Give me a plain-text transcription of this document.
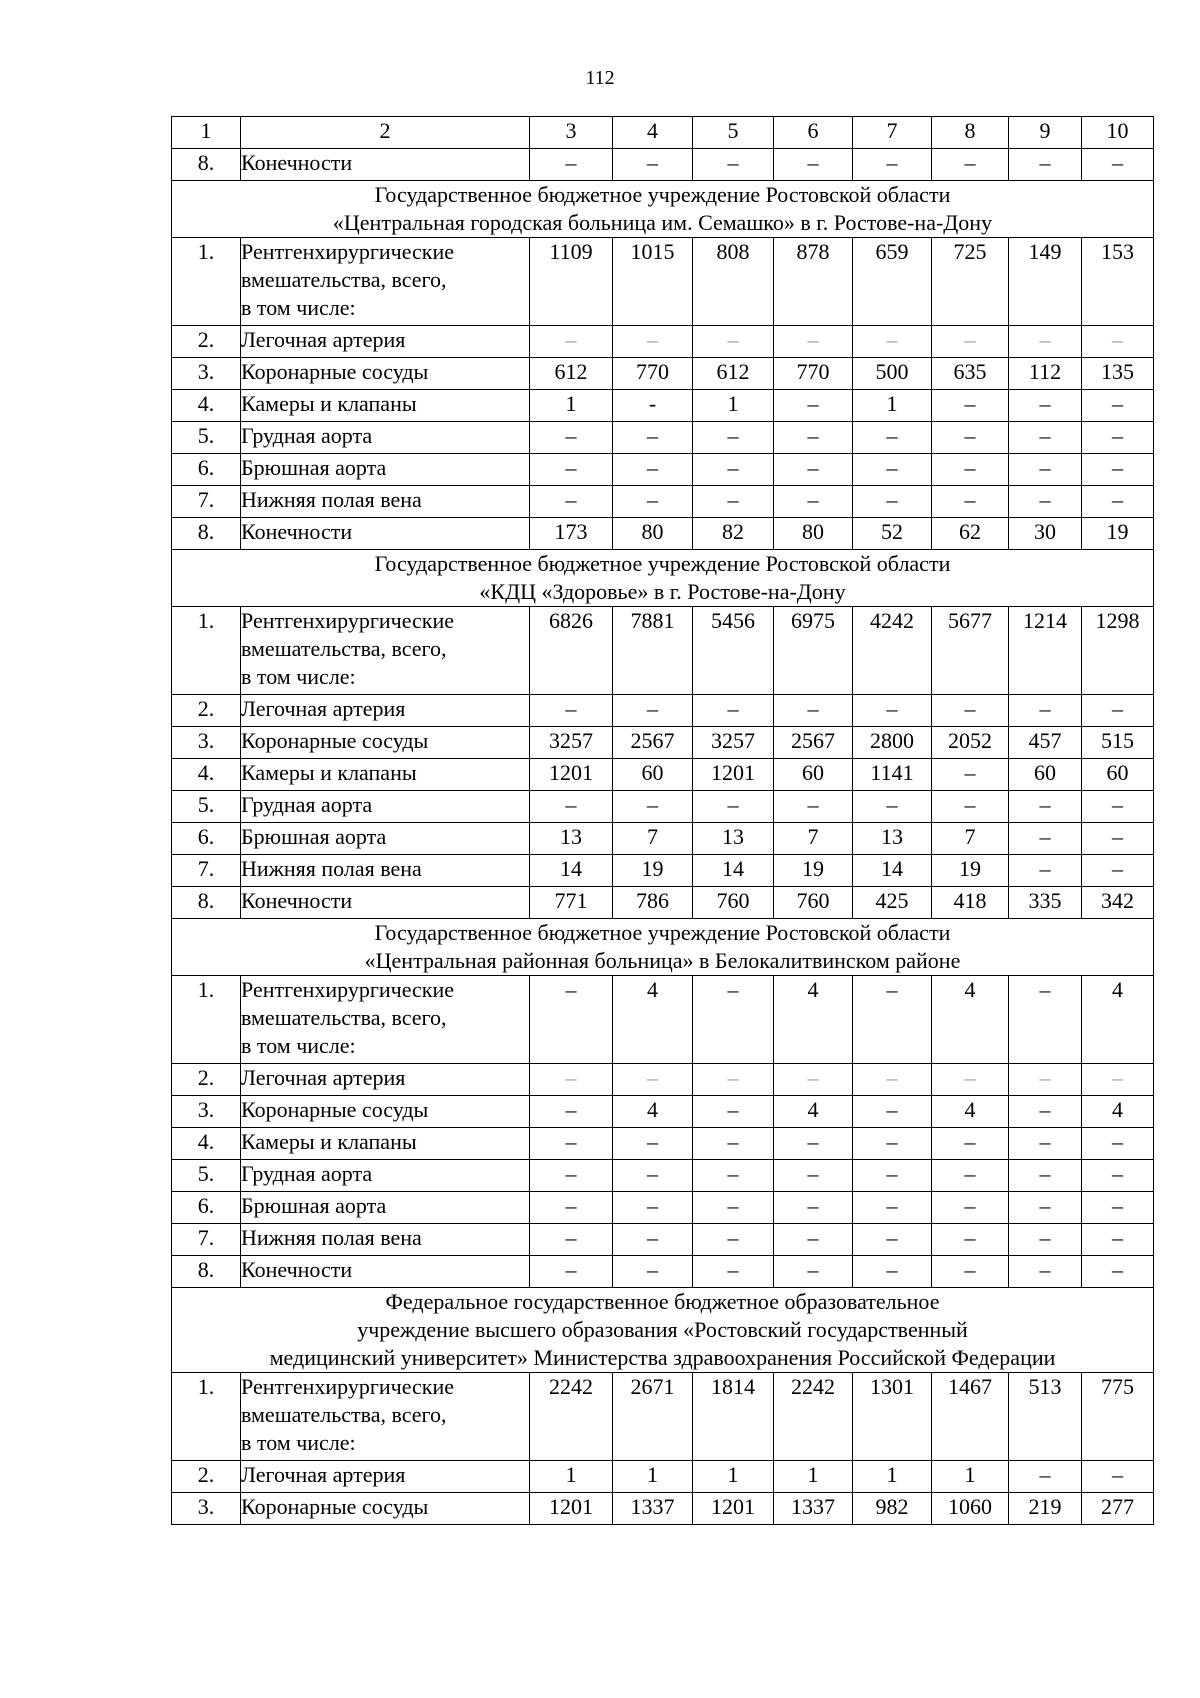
112
1	2	3	4	5	6	7	8	9	10
8.	Конечности	–	–	–	–	–	–	–	–

Государственное бюджетное учреждение Ростовской области
«Центральная городская больница им. Семашко» в г. Ростове-на-Дону									

1.	Рентгенхирургические
вмешательства, всего,
в том числе:	1109	1015	808	878	659	725	149	153
2.	Легочная артерия	–	–	–	–	–	–	–	–
3.	Коронарные сосуды	612	770	612	770	500	635	112	135
4.	Камеры и клапаны	1	-	1	–	1	–	–	–
5.	Грудная аорта	–	–	–	–	–	–	–	–
6.	Брюшная аорта	–	–	–	–	–	–	–	–
7.	Нижняя полая вена	–	–	–	–	–	–	–	–
8.	Конечности	173	80	82	80	52	62	30	19

Государственное бюджетное учреждение Ростовской области
«КДЦ «Здоровье» в г. Ростове-на-Дону									

1.	Рентгенхирургические
вмешательства, всего,
в том числе:	6826	7881	5456	6975	4242	5677	1214	1298
2.	Легочная артерия	–	–	–	–	–	–	–	–
3.	Коронарные сосуды	3257	2567	3257	2567	2800	2052	457	515
4.	Камеры и клапаны	1201	60	1201	60	1141	–	60	60
5.	Грудная аорта	–	–	–	–	–	–	–	–
6.	Брюшная аорта	13	7	13	7	13	7	–	–
7.	Нижняя полая вена	14	19	14	19	14	19	–	–
8.	Конечности	771	786	760	760	425	418	335	342

Государственное бюджетное учреждение Ростовской области
«Центральная районная больница» в Белокалитвинском районе									

1.	Рентгенхирургические
вмешательства, всего,
в том числе:	–	4	–	4	–	4	–	4
2.	Легочная артерия	–	–	–	–	–	–	–	–
3.	Коронарные сосуды	–	4	–	4	–	4	–	4
4.	Камеры и клапаны	–	–	–	–	–	–	–	–
5.	Грудная аорта	–	–	–	–	–	–	–	–
6.	Брюшная аорта	–	–	–	–	–	–	–	–
7.	Нижняя полая вена	–	–	–	–	–	–	–	–
8.	Конечности	–	–	–	–	–	–	–	–

Федеральное государственное бюджетное образовательное
учреждение высшего образования «Ростовский государственный
медицинский университет» Министерства здравоохранения Российской Федерации									

1.	Рентгенхирургические
вмешательства, всего,
в том числе:	2242	2671	1814	2242	1301	1467	513	775
2.	Легочная артерия	1	1	1	1	1	1	–	–
3.	Коронарные сосуды	1201	1337	1201	1337	982	1060	219	277
